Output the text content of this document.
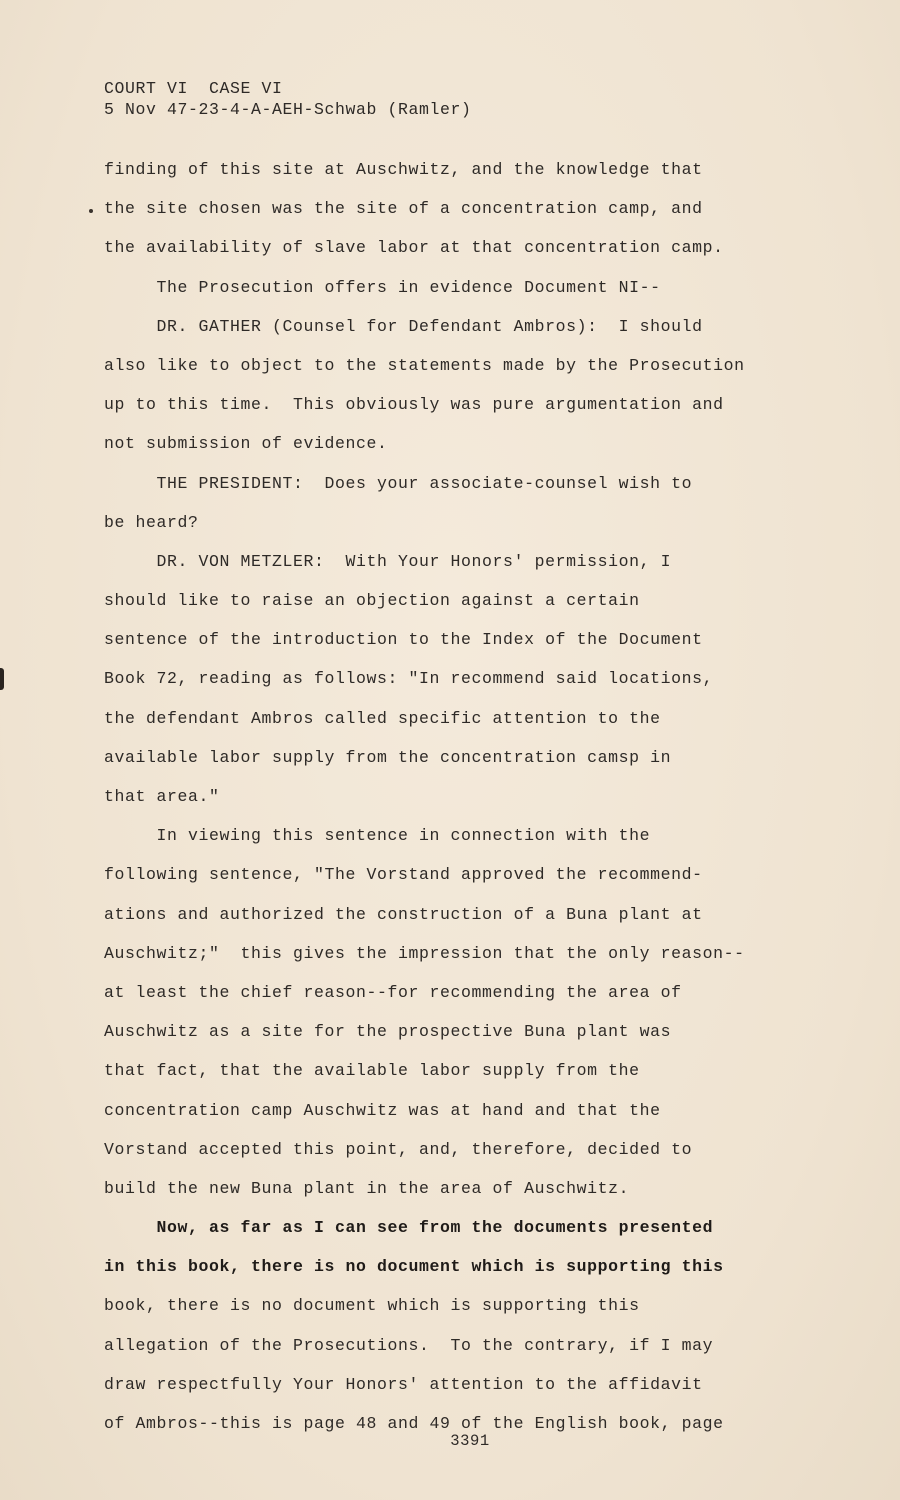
COURT VI  CASE VI
5 Nov 47-23-4-A-AEH-Schwab (Ramler)
finding of this site at Auschwitz, and the knowledge that
the site chosen was the site of a concentration camp, and
the availability of slave labor at that concentration camp.
The Prosecution offers in evidence Document NI--
DR. GATHER (Counsel for Defendant Ambros):  I should
also like to object to the statements made by the Prosecution
up to this time.  This obviously was pure argumentation and
not submission of evidence.
THE PRESIDENT:  Does your associate-counsel wish to
be heard?
DR. VON METZLER:  With Your Honors' permission, I
should like to raise an objection against a certain
sentence of the introduction to the Index of the Document
Book 72, reading as follows: "In recommend said locations,
the defendant Ambros called specific attention to the
available labor supply from the concentration camsp in
that area."
In viewing this sentence in connection with the
following sentence, "The Vorstand approved the recommend-
ations and authorized the construction of a Buna plant at
Auschwitz;"  this gives the impression that the only reason--
at least the chief reason--for recommending the area of
Auschwitz as a site for the prospective Buna plant was
that fact, that the available labor supply from the
concentration camp Auschwitz was at hand and that the
Vorstand accepted this point, and, therefore, decided to
build the new Buna plant in the area of Auschwitz.
Now, as far as I can see from the documents presented
in this book, there is no document which is supporting this
book, there is no document which is supporting this
allegation of the Prosecutions.  To the contrary, if I may
draw respectfully Your Honors' attention to the affidavit
of Ambros--this is page 48 and 49 of the English book, page
3391
